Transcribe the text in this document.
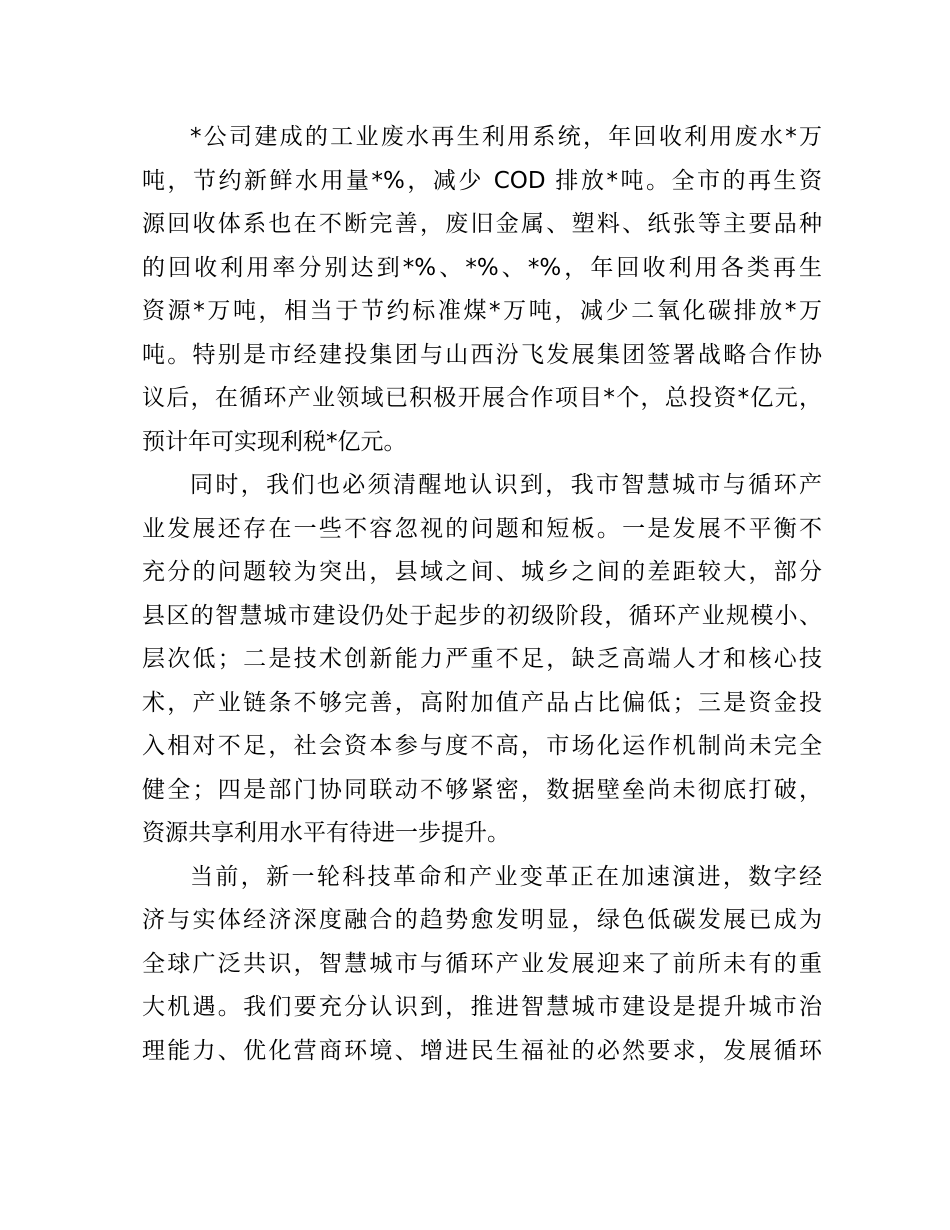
*公司建成的工业废水再生利用系统，年回收利用废水*万
吨，节约新鲜水用量*%，减少 COD 排放*吨。全市的再生资
源回收体系也在不断完善，废旧金属、塑料、纸张等主要品种
的回收利用率分别达到*%、*%、*%，年回收利用各类再生
资源*万吨，相当于节约标准煤*万吨，减少二氧化碳排放*万
吨。特别是市经建投集团与山西汾飞发展集团签署战略合作协
议后，在循环产业领域已积极开展合作项目*个，总投资*亿元，
预计年可实现利税*亿元。
同时，我们也必须清醒地认识到，我市智慧城市与循环产
业发展还存在一些不容忽视的问题和短板。一是发展不平衡不
充分的问题较为突出，县域之间、城乡之间的差距较大，部分
县区的智慧城市建设仍处于起步的初级阶段，循环产业规模小、
层次低；二是技术创新能力严重不足，缺乏高端人才和核心技
术，产业链条不够完善，高附加值产品占比偏低；三是资金投
入相对不足，社会资本参与度不高，市场化运作机制尚未完全
健全；四是部门协同联动不够紧密，数据壁垒尚未彻底打破，
资源共享利用水平有待进一步提升。
当前，新一轮科技革命和产业变革正在加速演进，数字经
济与实体经济深度融合的趋势愈发明显，绿色低碳发展已成为
全球广泛共识，智慧城市与循环产业发展迎来了前所未有的重
大机遇。我们要充分认识到，推进智慧城市建设是提升城市治
理能力、优化营商环境、增进民生福祉的必然要求，发展循环
